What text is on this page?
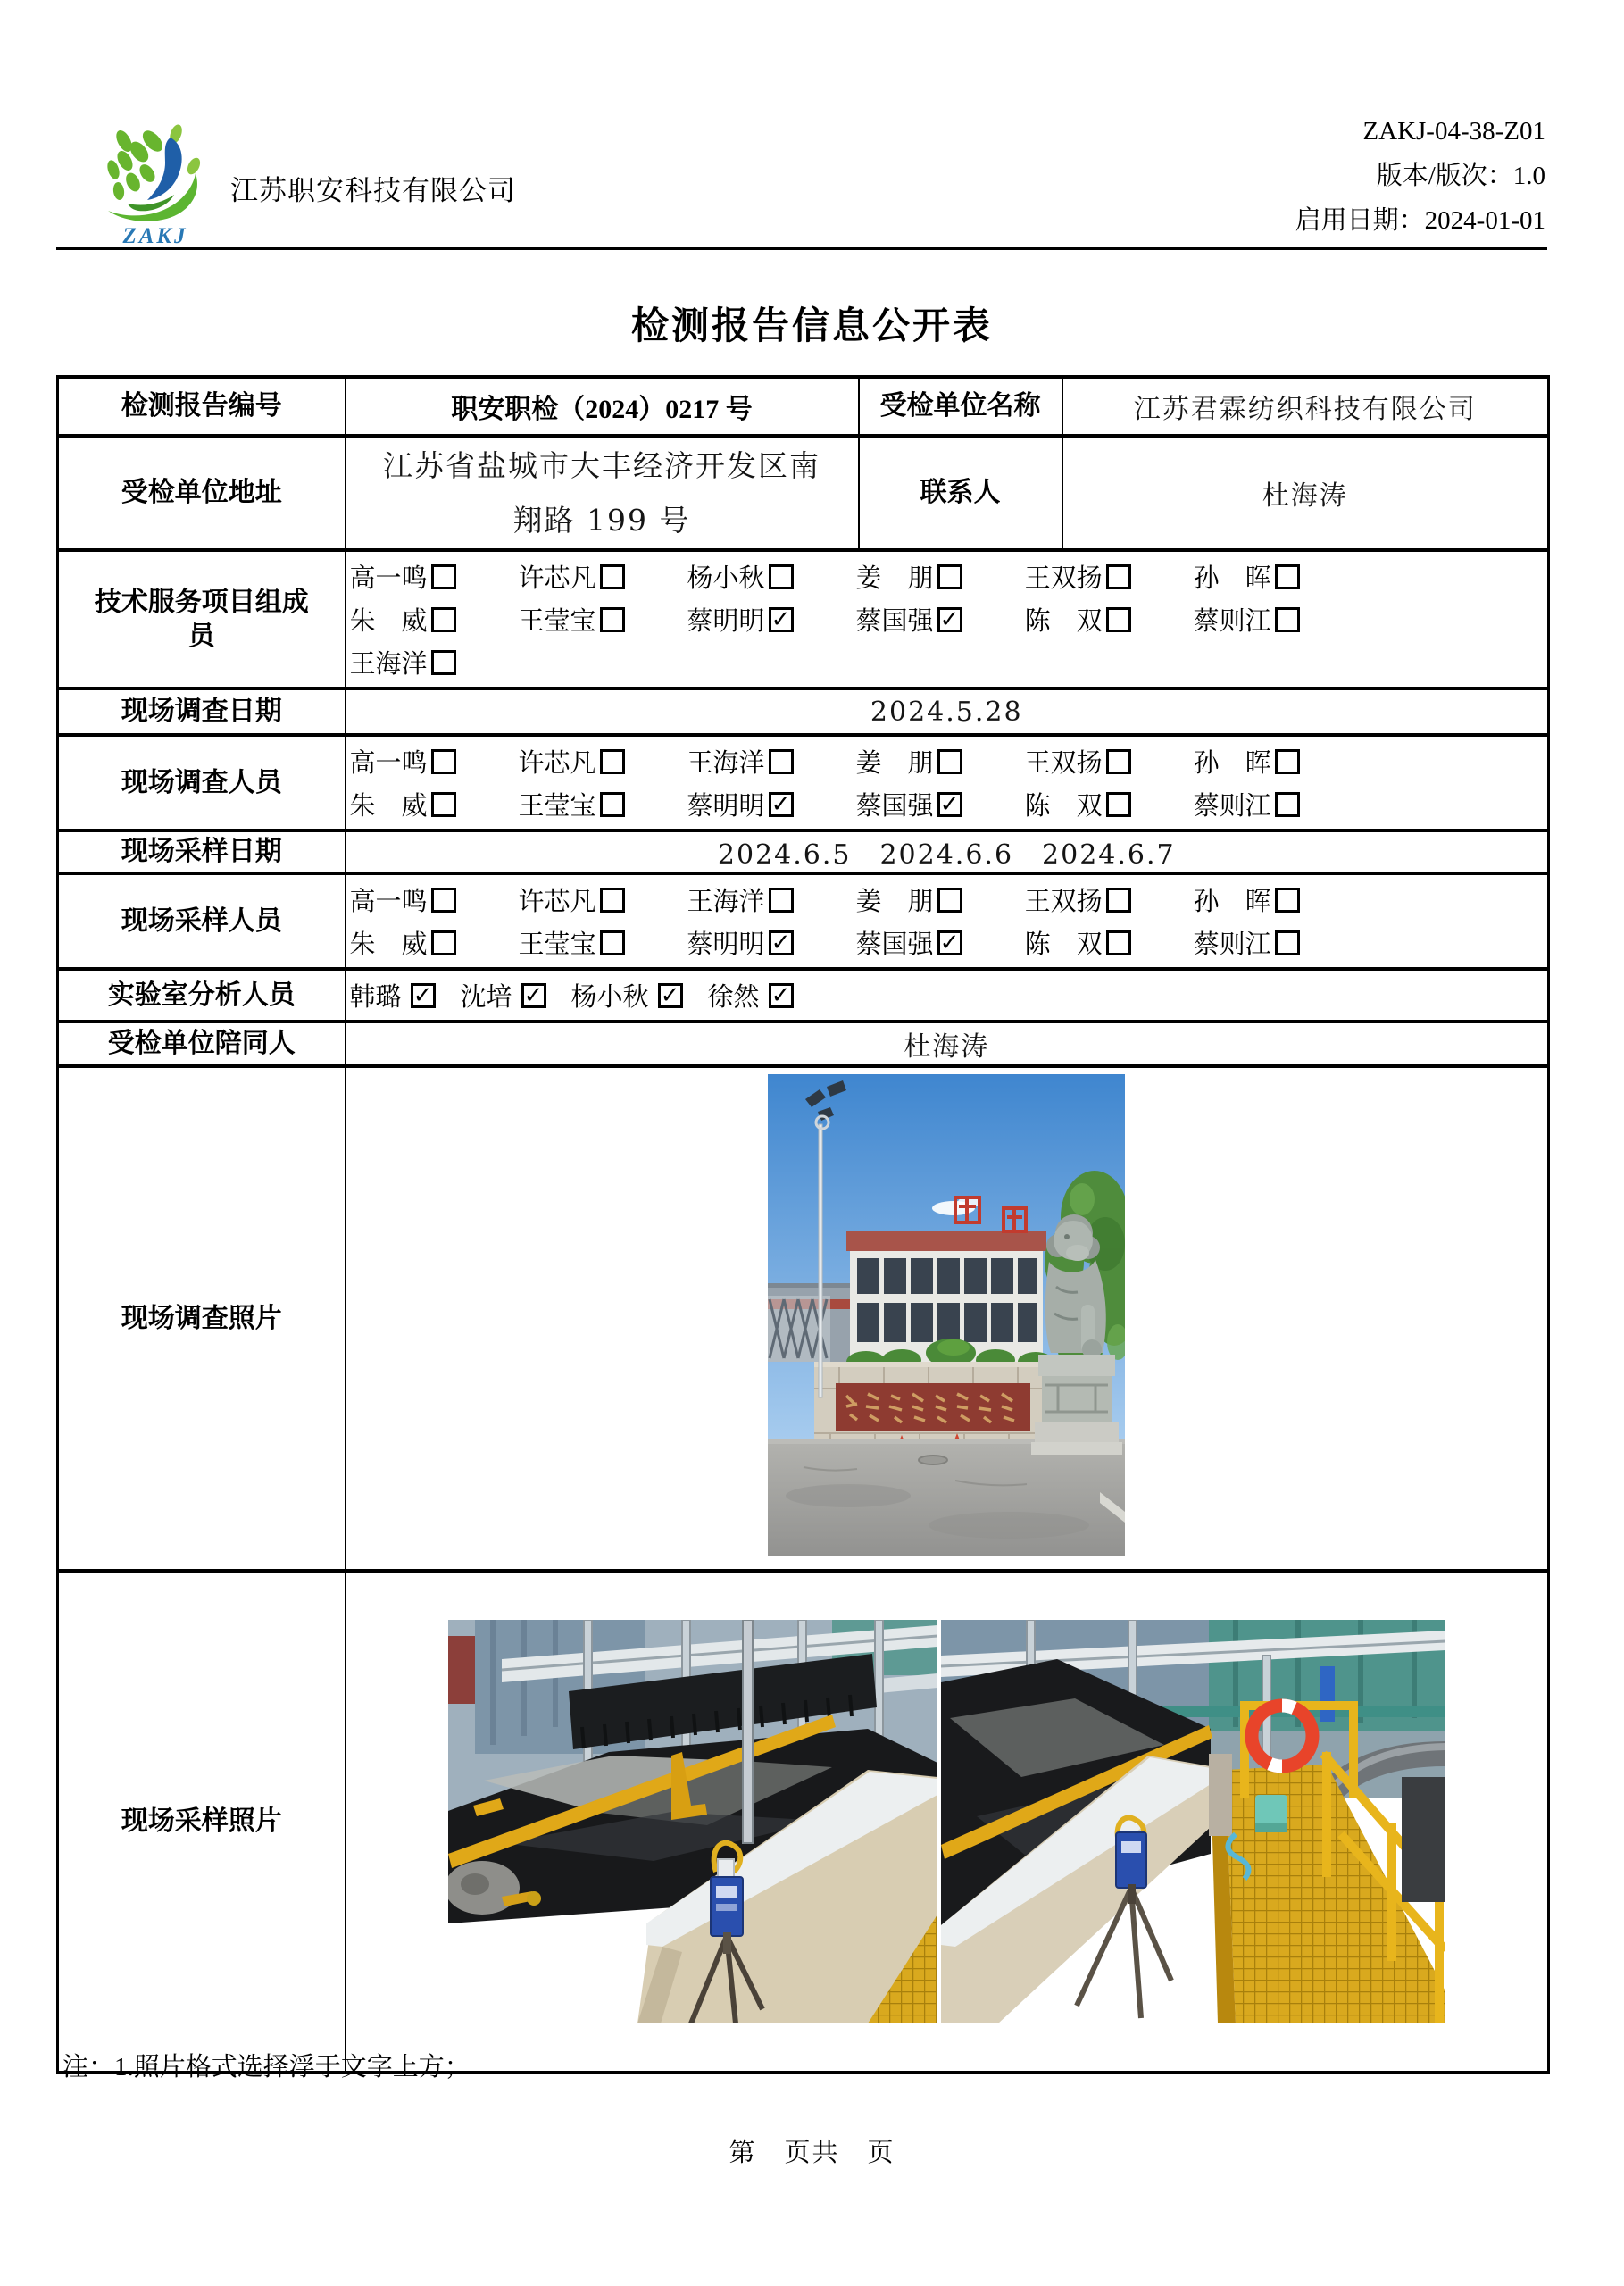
ZAKJ
江苏职安科技有限公司
ZAKJ-04-38-Z01
版本/版次：1.0
启用日期：2024-01-01
检测报告信息公开表
检测报告编号	职安职检（2024）0217 号	受检单位名称	江苏君霖纺织科技有限公司
受检单位地址	江苏省盐城市大丰经济开发区南
翔路 199 号	联系人	杜海涛
技术服务项目组成员	
高一鸣	许芯凡	杨小秋	姜　朋	王双扬	孙　晖
朱　威	王莹宝	蔡明明 ✓	蔡国强 ✓	陈　双	蔡则江
王海洋

现场调查日期	2024.5.28		
现场调查人员	
高一鸣	许芯凡	王海洋	姜　朋	王双扬	孙　晖
朱　威	王莹宝	蔡明明 ✓	蔡国强 ✓	陈　双	蔡则江

现场采样日期	2024.6.5　2024.6.6　2024.6.7		
现场采样人员	
高一鸣	许芯凡	王海洋	姜　朋	王双扬	孙　晖
朱　威	王莹宝	蔡明明 ✓	蔡国强 ✓	陈　双	蔡则江

实验室分析人员	韩璐 ✓ 沈培 ✓ 杨小秋 ✓ 徐然 ✓

受检单位陪同人	杜海涛		
现场调查照片	
现场采样照片	
注：1.照片格式选择浮于文字上方；
第　页共　页
